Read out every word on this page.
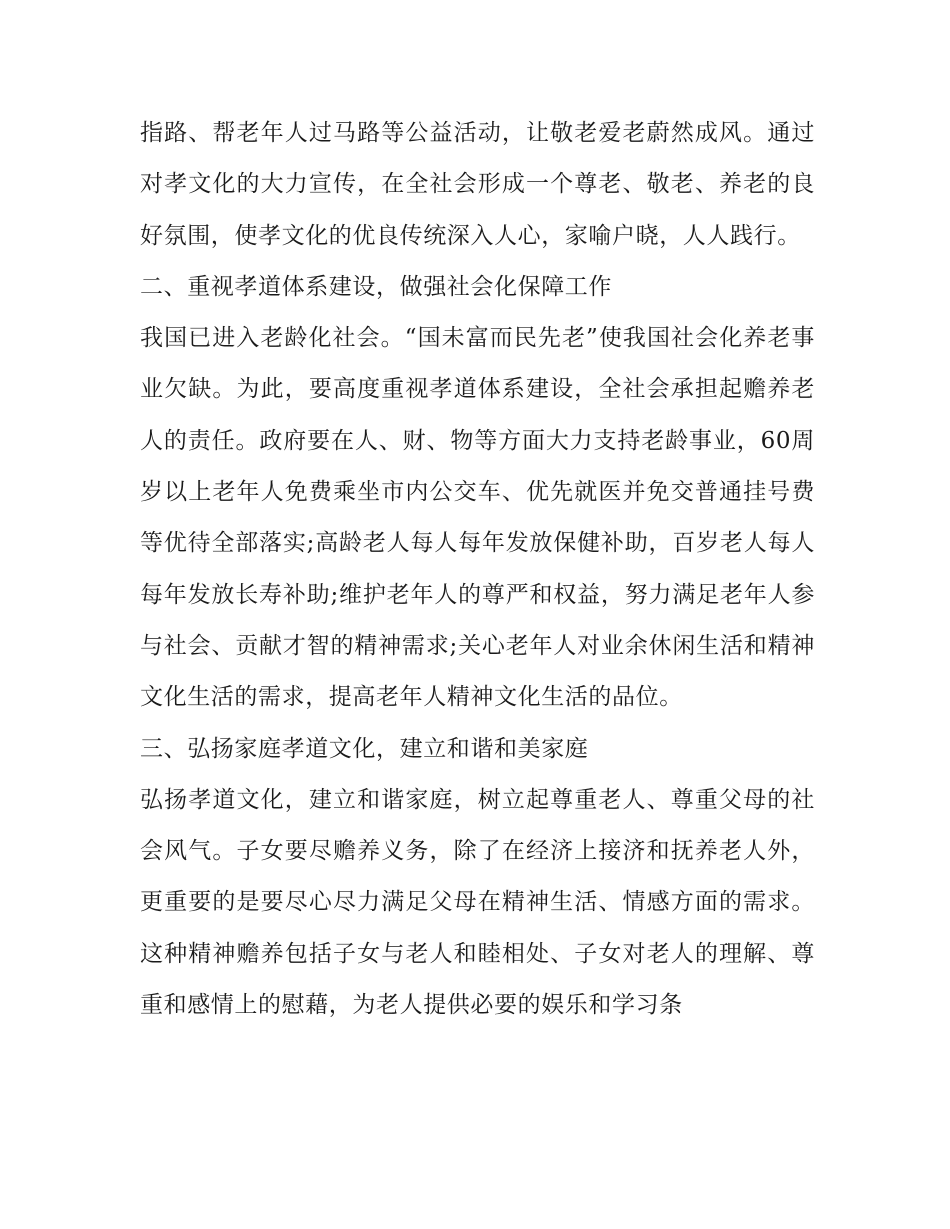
指路、帮老年人过马路等公益活动，让敬老爱老蔚然成风。通过对孝文化的大力宣传，在全社会形成一个尊老、敬老、养老的良好氛围，使孝文化的优良传统深入人心，家喻户晓，人人践行。

二、重视孝道体系建设，做强社会化保障工作

我国已进入老龄化社会。“国未富而民先老”使我国社会化养老事业欠缺。为此，要高度重视孝道体系建设，全社会承担起赡养老人的责任。政府要在人、财、物等方面大力支持老龄事业，60周岁以上老年人免费乘坐市内公交车、优先就医并免交普通挂号费等优待全部落实;高龄老人每人每年发放保健补助，百岁老人每人每年发放长寿补助;维护老年人的尊严和权益，努力满足老年人参与社会、贡献才智的精神需求;关心老年人对业余休闲生活和精神文化生活的需求，提高老年人精神文化生活的品位。

三、弘扬家庭孝道文化，建立和谐和美家庭

弘扬孝道文化，建立和谐家庭，树立起尊重老人、尊重父母的社会风气。子女要尽赡养义务，除了在经济上接济和抚养老人外，更重要的是要尽心尽力满足父母在精神生活、情感方面的需求。这种精神赡养包括子女与老人和睦相处、子女对老人的理解、尊重和感情上的慰藉，为老人提供必要的娱乐和学习条
